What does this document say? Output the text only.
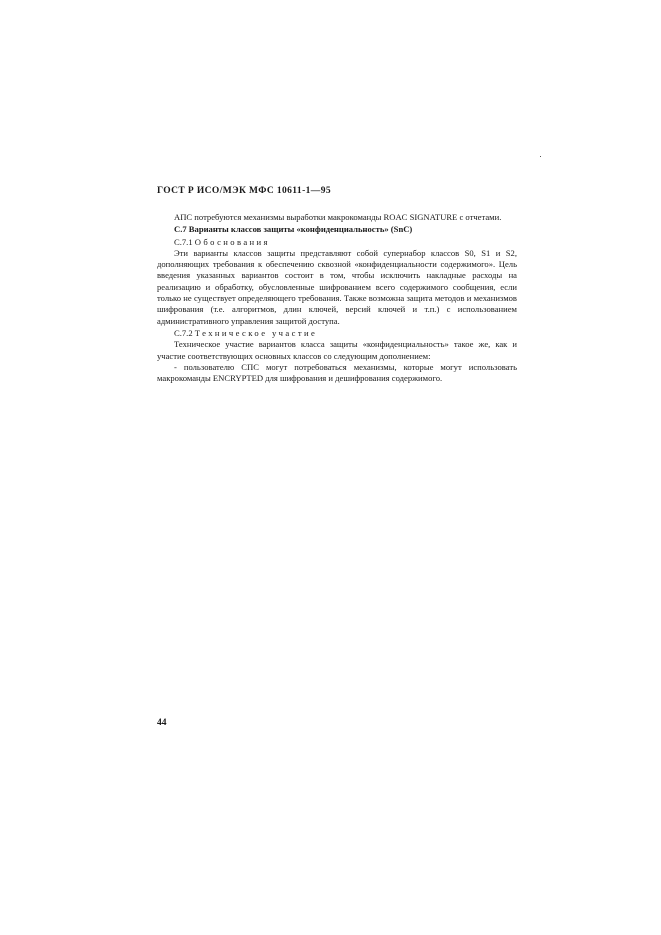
ГОСТ Р ИСО/МЭК МФС 10611-1—95

АПС потребуются механизмы выработки макрокоманды ROAC SIGNATURE с отчетами.

С.7 Варианты классов защиты «конфиденциальность» (SnC)

С.7.1 Обоснования

Эти варианты классов защиты представляют собой супернабор классов S0, S1 и S2, дополняющих требования к обеспечению сквозной «конфиденциальности содержимого». Цель введения указанных вариантов состоит в том, чтобы исключить накладные расходы на реализацию и обработку, обусловленные шифрованием всего содержимого сообщения, если только не существует определяющего требования. Также возможна защита методов и механизмов шифрования (т.е. алгоритмов, длин ключей, версий ключей и т.п.) с использованием административного управления защитой доступа.

С.7.2 Техническое участие

Техническое участие вариантов класса защиты «конфиденциальность» такое же, как и участие соответствующих основных классов со следующим дополнением:

- пользователю СПС могут потребоваться механизмы, которые могут использовать макрокоманды ENCRYPTED для шифрования и дешифрования содержимого.

44
